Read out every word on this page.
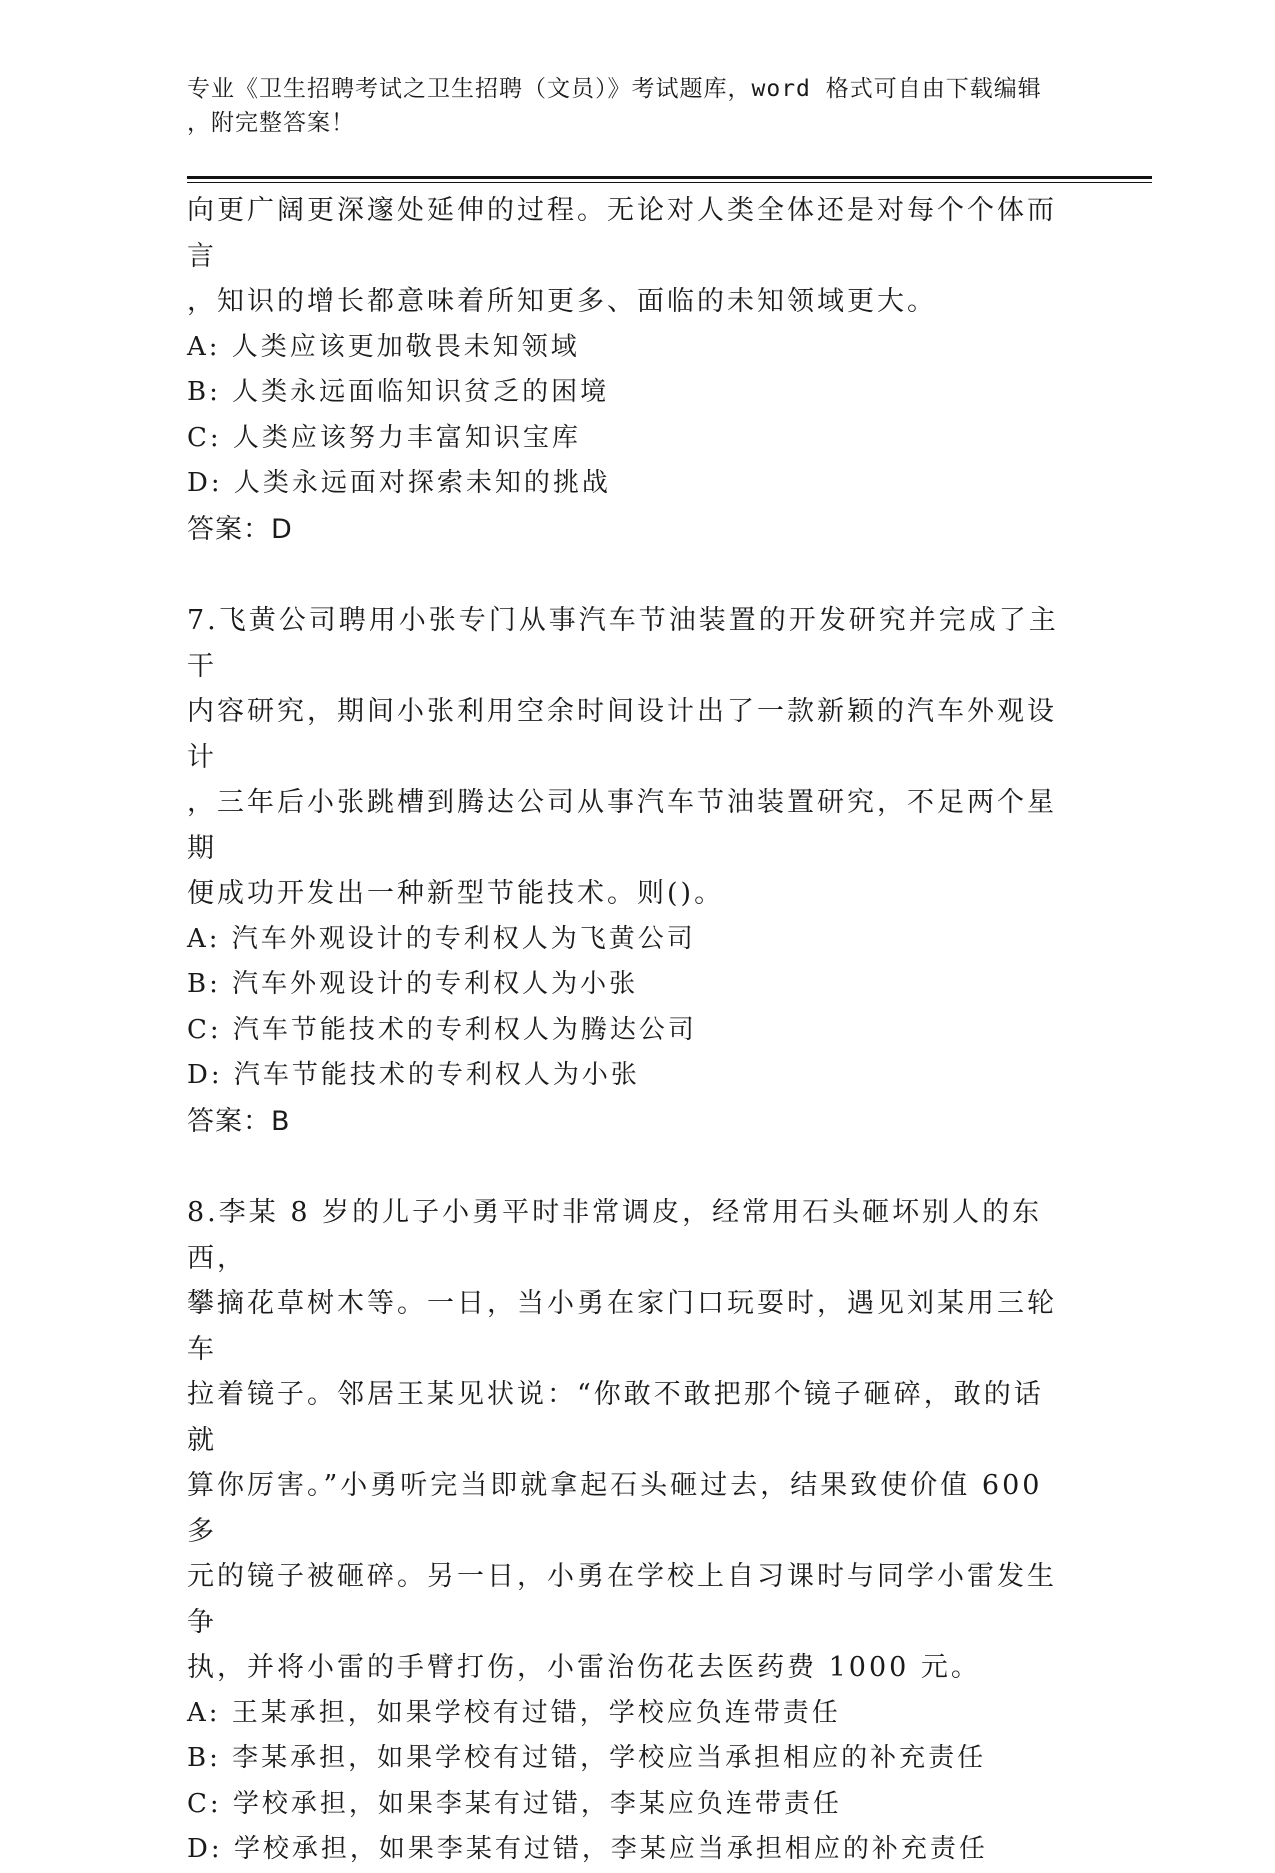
专业《卫生招聘考试之卫生招聘（文员）》考试题库，word 格式可自由下载编辑
，附完整答案！

向更广阔更深邃处延伸的过程。无论对人类全体还是对每个个体而言

，知识的增长都意味着所知更多、面临的未知领域更大。

A: 人类应该更加敬畏未知领域

B: 人类永远面临知识贫乏的困境

C: 人类应该努力丰富知识宝库

D: 人类永远面对探索未知的挑战

答案：D

7.飞黄公司聘用小张专门从事汽车节油装置的开发研究并完成了主干

内容研究，期间小张利用空余时间设计出了一款新颖的汽车外观设计

，三年后小张跳槽到腾达公司从事汽车节油装置研究，不足两个星期

便成功开发出一种新型节能技术。则()。

A: 汽车外观设计的专利权人为飞黄公司

B: 汽车外观设计的专利权人为小张

C: 汽车节能技术的专利权人为腾达公司

D: 汽车节能技术的专利权人为小张

答案：B

8.李某 8 岁的儿子小勇平时非常调皮，经常用石头砸坏别人的东西，

攀摘花草树木等。一日，当小勇在家门口玩耍时，遇见刘某用三轮车

拉着镜子。邻居王某见状说：“你敢不敢把那个镜子砸碎，敢的话就

算你厉害。”小勇听完当即就拿起石头砸过去，结果致使价值 600 多

元的镜子被砸碎。另一日，小勇在学校上自习课时与同学小雷发生争

执，并将小雷的手臂打伤，小雷治伤花去医药费 1000 元。

A: 王某承担，如果学校有过错，学校应负连带责任

B: 李某承担，如果学校有过错，学校应当承担相应的补充责任

C: 学校承担，如果李某有过错，李某应负连带责任

D: 学校承担，如果李某有过错，李某应当承担相应的补充责任
